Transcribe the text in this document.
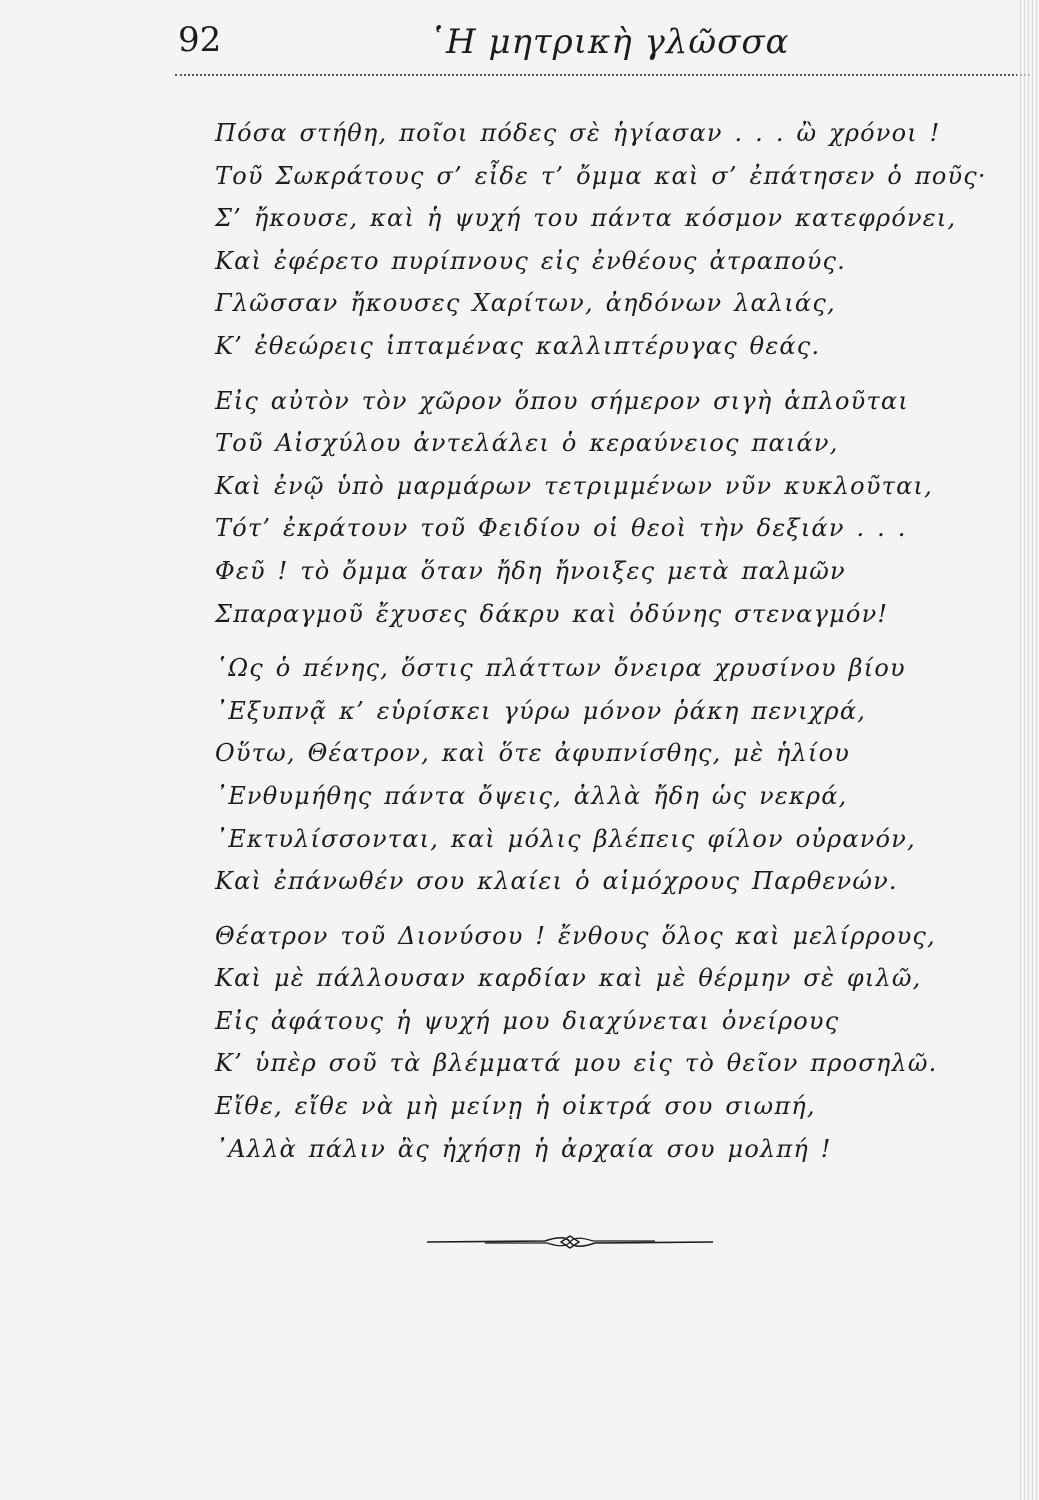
92	῾Η μητρικὴ γλῶσσα
Πόσα στήθη, ποῖοι πόδες σὲ ἡγίασαν . . . ὢ χρόνοι !
Τοῦ Σωκράτους σ’ εἶδε τ’ ὄμμα καὶ σ’ ἐπάτησεν ὁ ποῦς·
Σ’ ἤκουσε, καὶ ἡ ψυχή του πάντα κόσμον κατεφρόνει,
Καὶ ἐφέρετο πυρίπνους εἰς ἐνθέους ἀτραπούς.
Γλῶσσαν ἤκουσες Χαρίτων, ἀηδόνων λαλιάς,
Κ’ ἐθεώρεις ἱπταμένας καλλιπτέρυγας θεάς.
Εἰς αὐτὸν τὸν χῶρον ὅπου σήμερον σιγὴ ἁπλοῦται
Τοῦ Αἰσχύλου ἀντελάλει ὁ κεραύνειος παιάν,
Καὶ ἐνῷ ὑπὸ μαρμάρων τετριμμένων νῦν κυκλοῦται,
Τότ’ ἐκράτουν τοῦ Φειδίου οἱ θεοὶ τὴν δεξιάν . . .
Φεῦ ! τὸ ὄμμα ὅταν ἤδη ἤνοιξες μετὰ παλμῶν
Σπαραγμοῦ ἔχυσες δάκρυ καὶ ὀδύνης στεναγμόν!
῾Ως ὁ πένης, ὅστις πλάττων ὄνειρα χρυσίνου βίου
᾿Εξυπνᾷ κ’ εὑρίσκει γύρω μόνον ῥάκη πενιχρά,
Οὕτω, Θέατρον, καὶ ὅτε ἀφυπνίσθης, μὲ ἡλίου
᾿Ενθυμήθης πάντα ὄψεις, ἀλλὰ ἤδη ὡς νεκρά,
᾿Εκτυλίσσονται, καὶ μόλις βλέπεις φίλον οὐρανόν,
Καὶ ἐπάνωθέν σου κλαίει ὁ αἱμόχρους Παρθενών.
Θέατρον τοῦ Διονύσου ! ἔνθους ὅλος καὶ μελίρρους,
Καὶ μὲ πάλλουσαν καρδίαν καὶ μὲ θέρμην σὲ φιλῶ,
Εἰς ἀφάτους ἡ ψυχή μου διαχύνεται ὀνείρους
Κ’ ὑπὲρ σοῦ τὰ βλέμματά μου εἰς τὸ θεῖον προσηλῶ.
Εἴθε, εἴθε νὰ μὴ μείνῃ ἡ οἰκτρά σου σιωπή,
᾿Αλλὰ πάλιν ἂς ἠχήσῃ ἡ ἀρχαία σου μολπή !
